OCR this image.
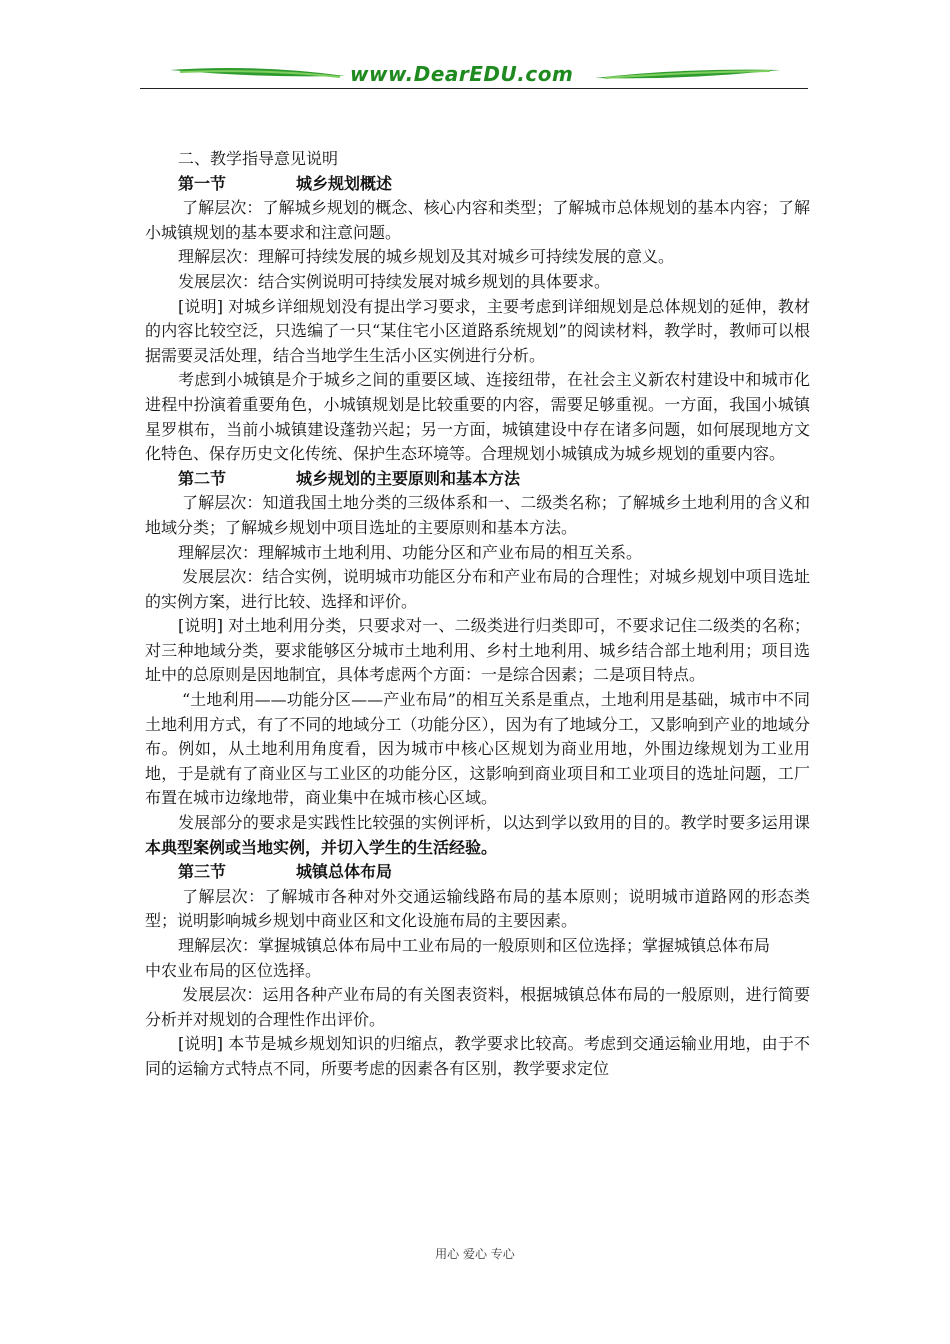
www.DearEDU.com

二、教学指导意见说明

第一节	城乡规划概述

了解层次：了解城乡规划的概念、核心内容和类型；了解城市总体规划的基本内容；了解小城镇规划的基本要求和注意问题。

理解层次：理解可持续发展的城乡规划及其对城乡可持续发展的意义。

发展层次：结合实例说明可持续发展对城乡规划的具体要求。

[说明] 对城乡详细规划没有提出学习要求，主要考虑到详细规划是总体规划的延伸，教材的内容比较空泛，只选编了一只“某住宅小区道路系统规划”的阅读材料，教学时，教师可以根据需要灵活处理，结合当地学生生活小区实例进行分析。

考虑到小城镇是介于城乡之间的重要区域、连接纽带，在社会主义新农村建设中和城市化进程中扮演着重要角色，小城镇规划是比较重要的内容，需要足够重视。一方面，我国小城镇星罗棋布，当前小城镇建设蓬勃兴起；另一方面，城镇建设中存在诸多问题，如何展现地方文化特色、保存历史文化传统、保护生态环境等。合理规划小城镇成为城乡规划的重要内容。

第二节	城乡规划的主要原则和基本方法

了解层次：知道我国土地分类的三级体系和一、二级类名称；了解城乡土地利用的含义和地域分类；了解城乡规划中项目选址的主要原则和基本方法。

理解层次：理解城市土地利用、功能分区和产业布局的相互关系。

发展层次：结合实例，说明城市功能区分布和产业布局的合理性；对城乡规划中项目选址的实例方案，进行比较、选择和评价。

[说明] 对土地利用分类，只要求对一、二级类进行归类即可，不要求记住二级类的名称；对三种地域分类，要求能够区分城市土地利用、乡村土地利用、城乡结合部土地利用；项目选址中的总原则是因地制宜，具体考虑两个方面：一是综合因素；二是项目特点。

“土地利用——功能分区——产业布局”的相互关系是重点，土地利用是基础，城市中不同土地利用方式，有了不同的地域分工（功能分区），因为有了地域分工，又影响到产业的地域分布。例如，从土地利用角度看，因为城市中核心区规划为商业用地，外围边缘规划为工业用地，于是就有了商业区与工业区的功能分区，这影响到商业项目和工业项目的选址问题，工厂布置在城市边缘地带，商业集中在城市核心区域。

发展部分的要求是实践性比较强的实例评析，以达到学以致用的目的。教学时要多运用课本典型案例或当地实例，并切入学生的生活经验。

第三节	城镇总体布局

了解层次：了解城市各种对外交通运输线路布局的基本原则；说明城市道路网的形态类型；说明影响城乡规划中商业区和文化设施布局的主要因素。

理解层次：掌握城镇总体布局中工业布局的一般原则和区位选择；掌握城镇总体布局

中农业布局的区位选择。

发展层次：运用各种产业布局的有关图表资料，根据城镇总体布局的一般原则，进行简要分析并对规划的合理性作出评价。

[说明] 本节是城乡规划知识的归缩点，教学要求比较高。考虑到交通运输业用地，由于不同的运输方式特点不同，所要考虑的因素各有区别，教学要求定位

用心 爱心 专心
